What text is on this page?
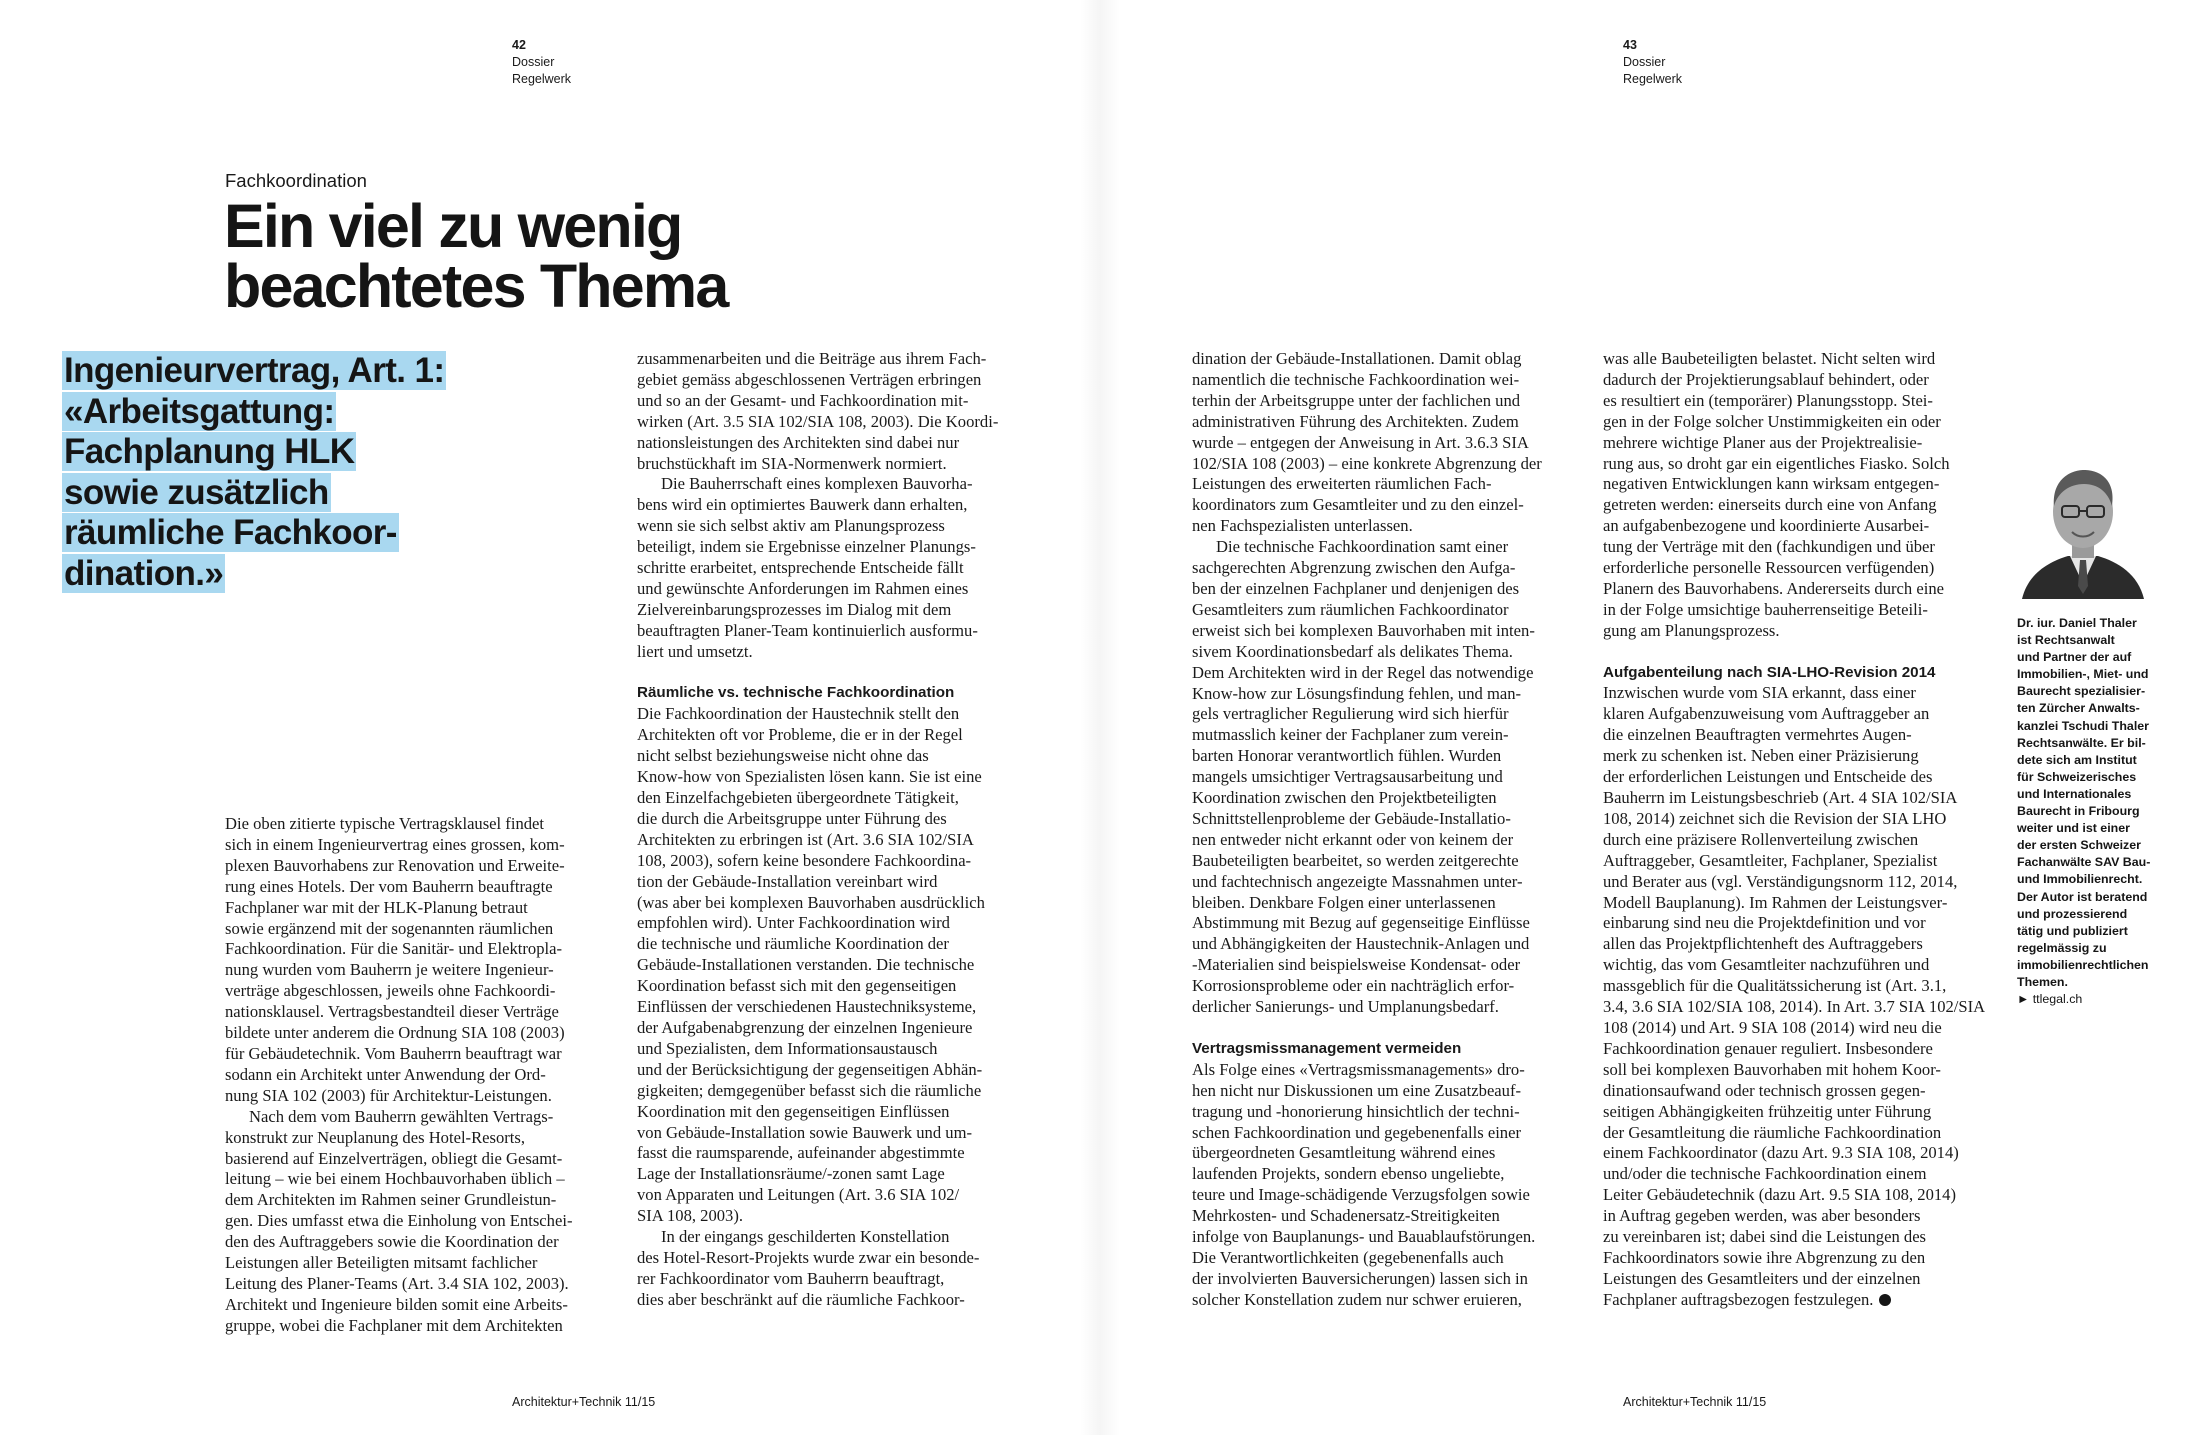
42
Dossier
Regelwerk
43
Dossier
Regelwerk
Fachkoordination
Ein viel zu wenig
beachtetes Thema
Ingenieurvertrag, Art. 1:
«Arbeitsgattung:
Fachplanung HLK
sowie zusätzlich
räumliche Fachkoor-
dination.»

Die oben zitierte typische Vertragsklausel findet

sich in einem Ingenieurvertrag eines grossen, kom-

plexen Bauvorhabens zur Renovation und Erweite-

rung eines Hotels. Der vom Bauherrn beauftragte

Fachplaner war mit der HLK-Planung betraut

sowie ergänzend mit der sogenannten räumlichen

Fachkoordination. Für die Sanitär- und Elektropla-

nung wurden vom Bauherrn je weitere Ingenieur-

verträge abgeschlossen, jeweils ohne Fachkoordi-

nationsklausel. Vertragsbestandteil dieser Verträge

bildete unter anderem die Ordnung SIA 108 (2003)

für Gebäudetechnik. Vom Bauherrn beauftragt war

sodann ein Architekt unter Anwendung der Ord-

nung SIA 102 (2003) für Architektur-Leistungen.

Nach dem vom Bauherrn gewählten Vertrags-

konstrukt zur Neuplanung des Hotel-Resorts,

basierend auf Einzelverträgen, obliegt die Gesamt-

leitung – wie bei einem Hochbauvorhaben üblich –

dem Architekten im Rahmen seiner Grundleistun-

gen. Dies umfasst etwa die Einholung von Entschei-

den des Auftraggebers sowie die Koordination der

Leistungen aller Beteiligten mitsamt fachlicher

Leitung des Planer-Teams (Art. 3.4 SIA 102, 2003).

Architekt und Ingenieure bilden somit eine Arbeits-

gruppe, wobei die Fachplaner mit dem Architekten

zusammenarbeiten und die Beiträge aus ihrem Fach-

gebiet gemäss abgeschlossenen Verträgen erbringen

und so an der Gesamt- und Fachkoordination mit-

wirken (Art. 3.5 SIA 102/SIA 108, 2003). Die Koordi-

nationsleistungen des Architekten sind dabei nur

bruchstückhaft im SIA-Normenwerk normiert.

Die Bauherrschaft eines komplexen Bauvorha-

bens wird ein optimiertes Bauwerk dann erhalten,

wenn sie sich selbst aktiv am Planungsprozess

beteiligt, indem sie Ergebnisse einzelner Planungs-

schritte erarbeitet, entsprechende Entscheide fällt

und gewünschte Anforderungen im Rahmen eines

Zielvereinbarungsprozesses im Dialog mit dem

beauftragten Planer-Team kontinuierlich ausformu-

liert und umsetzt.

Räumliche vs. technische Fachkoordination

Die Fachkoordination der Haustechnik stellt den

Architekten oft vor Probleme, die er in der Regel

nicht selbst beziehungsweise nicht ohne das

Know-how von Spezialisten lösen kann. Sie ist eine

den Einzelfachgebieten übergeordnete Tätigkeit,

die durch die Arbeitsgruppe unter Führung des

Architekten zu erbringen ist (Art. 3.6 SIA 102/SIA

108, 2003), sofern keine besondere Fachkoordina-

tion der Gebäude-Installation vereinbart wird

(was aber bei komplexen Bauvorhaben ausdrücklich

empfohlen wird). Unter Fachkoordination wird

die technische und räumliche Koordination der

Gebäude-Installationen verstanden. Die technische

Koordination befasst sich mit den gegenseitigen

Einflüssen der verschiedenen Haustechniksysteme,

der Aufgabenabgrenzung der einzelnen Ingenieure

und Spezialisten, dem Informationsaustausch

und der Berücksichtigung der gegenseitigen Abhän-

gigkeiten; demgegenüber befasst sich die räumliche

Koordination mit den gegenseitigen Einflüssen

von Gebäude-Installation sowie Bauwerk und um-

fasst die raumsparende, aufeinander abgestimmte

Lage der Installationsräume/-zonen samt Lage

von Apparaten und Leitungen (Art. 3.6 SIA 102/

SIA 108, 2003).

In der eingangs geschilderten Konstellation

des Hotel-Resort-Projekts wurde zwar ein besonde-

rer Fachkoordinator vom Bauherrn beauftragt,

dies aber beschränkt auf die räumliche Fachkoor-

dination der Gebäude-Installationen. Damit oblag

namentlich die technische Fachkoordination wei-

terhin der Arbeitsgruppe unter der fachlichen und

administrativen Führung des Architekten. Zudem

wurde – entgegen der Anweisung in Art. 3.6.3 SIA

102/SIA 108 (2003) – eine konkrete Abgrenzung der

Leistungen des erweiterten räumlichen Fach-

koordinators zum Gesamtleiter und zu den einzel-

nen Fachspezialisten unterlassen.

Die technische Fachkoordination samt einer

sachgerechten Abgrenzung zwischen den Aufga-

ben der einzelnen Fachplaner und denjenigen des

Gesamtleiters zum räumlichen Fachkoordinator

erweist sich bei komplexen Bauvorhaben mit inten-

sivem Koordinationsbedarf als delikates Thema.

Dem Architekten wird in der Regel das notwendige

Know-how zur Lösungsfindung fehlen, und man-

gels vertraglicher Regulierung wird sich hierfür

mutmasslich keiner der Fachplaner zum verein-

barten Honorar verantwortlich fühlen. Wurden

mangels umsichtiger Vertragsausarbeitung und

Koordination zwischen den Projektbeteiligten

Schnittstellenprobleme der Gebäude-Installatio-

nen entweder nicht erkannt oder von keinem der

Baubeteiligten bearbeitet, so werden zeitgerechte

und fachtechnisch angezeigte Massnahmen unter-

bleiben. Denkbare Folgen einer unterlassenen

Abstimmung mit Bezug auf gegenseitige Einflüsse

und Abhängigkeiten der Haustechnik-Anlagen und

-Materialien sind beispielsweise Kondensat- oder

Korrosionsprobleme oder ein nachträglich erfor-

derlicher Sanierungs- und Umplanungsbedarf.

Vertragsmissmanagement vermeiden

Als Folge eines «Vertragsmissmanagements» dro-

hen nicht nur Diskussionen um eine Zusatzbeauf-

tragung und -honorierung hinsichtlich der techni-

schen Fachkoordination und gegebenenfalls einer

übergeordneten Gesamtleitung während eines

laufenden Projekts, sondern ebenso ungeliebte,

teure und Image-schädigende Verzugsfolgen sowie

Mehrkosten- und Schadenersatz-Streitigkeiten

infolge von Bauplanungs- und Bauablaufstörungen.

Die Verantwortlichkeiten (gegebenenfalls auch

der involvierten Bauversicherungen) lassen sich in

solcher Konstellation zudem nur schwer eruieren,

was alle Baubeteiligten belastet. Nicht selten wird

dadurch der Projektierungsablauf behindert, oder

es resultiert ein (temporärer) Planungsstopp. Stei-

gen in der Folge solcher Unstimmigkeiten ein oder

mehrere wichtige Planer aus der Projektrealisie-

rung aus, so droht gar ein eigentliches Fiasko. Solch

negativen Entwicklungen kann wirksam entgegen-

getreten werden: einerseits durch eine von Anfang

an aufgabenbezogene und koordinierte Ausarbei-

tung der Verträge mit den (fachkundigen und über

erforderliche personelle Ressourcen verfügenden)

Planern des Bauvorhabens. Andererseits durch eine

in der Folge umsichtige bauherrenseitige Beteili-

gung am Planungsprozess.

Aufgabenteilung nach SIA-LHO-Revision 2014

Inzwischen wurde vom SIA erkannt, dass einer

klaren Aufgabenzuweisung vom Auftraggeber an

die einzelnen Beauftragten vermehrtes Augen-

merk zu schenken ist. Neben einer Präzisierung

der erforderlichen Leistungen und Entscheide des

Bauherrn im Leistungsbeschrieb (Art. 4 SIA 102/SIA

108, 2014) zeichnet sich die Revision der SIA LHO

durch eine präzisere Rollenverteilung zwischen

Auftraggeber, Gesamtleiter, Fachplaner, Spezialist

und Berater aus (vgl. Verständigungsnorm 112, 2014,

Modell Bauplanung). Im Rahmen der Leistungsver-

einbarung sind neu die Projektdefinition und vor

allen das Projektpflichtenheft des Auftraggebers

wichtig, das vom Gesamtleiter nachzuführen und

massgeblich für die Qualitätssicherung ist (Art. 3.1,

3.4, 3.6 SIA 102/SIA 108, 2014). In Art. 3.7 SIA 102/SIA

108 (2014) und Art. 9 SIA 108 (2014) wird neu die

Fachkoordination genauer reguliert. Insbesondere

soll bei komplexen Bauvorhaben mit hohem Koor-

dinationsaufwand oder technisch grossen gegen-

seitigen Abhängigkeiten frühzeitig unter Führung

der Gesamtleitung die räumliche Fachkoordination

einem Fachkoordinator (dazu Art. 9.3 SIA 108, 2014)

und/oder die technische Fachkoordination einem

Leiter Gebäudetechnik (dazu Art. 9.5 SIA 108, 2014)

in Auftrag gegeben werden, was aber besonders

zu vereinbaren ist; dabei sind die Leistungen des

Fachkoordinators sowie ihre Abgrenzung zu den

Leistungen des Gesamtleiters und der einzelnen

Fachplaner auftragsbezogen festzulegen.

Dr. iur. Daniel Thaler

ist Rechtsanwalt

und Partner der auf

Immobilien-, Miet- und

Baurecht spezialisier-

ten Zürcher Anwalts-

kanzlei Tschudi Thaler

Rechtsanwälte. Er bil-

dete sich am Institut

für Schweizerisches

und Internationales

Baurecht in Fribourg

weiter und ist einer

der ersten Schweizer

Fachanwälte SAV Bau-

und Immobilienrecht.

Der Autor ist beratend

und prozessierend

tätig und publiziert

regelmässig zu

immobilienrechtlichen

Themen.

► ttlegal.ch

Architektur+Technik 11/15	Architektur+Technik 11/15
